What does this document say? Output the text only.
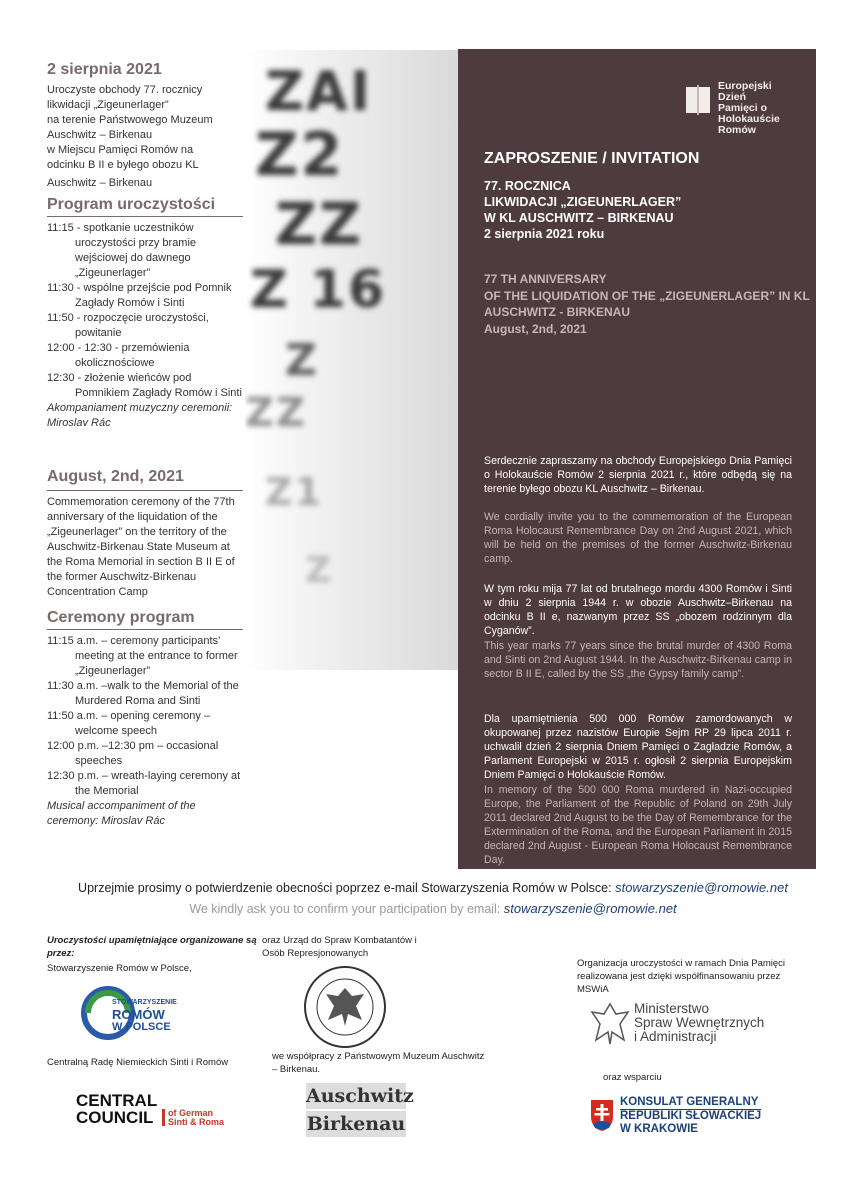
2 sierpnia 2021
Uroczyste obchody 77. rocznicy
likwidacji „Zigeunerlager”
na terenie Państwowego Muzeum
Auschwitz – Birkenau
w Miejscu Pamięci Romów na
odcinku B II e byłego obozu KL
Auschwitz – Birkenau
Program uroczystości

11:15 - spotkanie uczestników uroczystości przy bramie wejściowej do dawnego „Zigeunerlager”

11:30 - wspólne przejście pod Pomnik Zagłady Romów i Sinti

11:50 - rozpoczęcie uroczystości, powitanie

12:00 - 12:30 - przemówienia okolicznościowe

12:30 - złożenie wieńców pod Pomnikiem Zagłady Romów i Sinti

Akompaniament muzyczny ceremonii: Miroslav Rác
August, 2nd, 2021
Commemoration ceremony of the 77th anniversary of the liquidation of the „Zigeunerlager” on the territory of the Auschwitz-Birkenau State Museum at the Roma Memorial in section B II E of the former Auschwitz-Birkenau Concentration Camp
Ceremony program

11:15 a.m. – ceremony participants’ meeting at the entrance to former „Zigeunerlager”

11:30 a.m. –walk to the Memorial of the Murdered Roma and Sinti

11:50 a.m. – opening ceremony – welcome speech

12:00 p.m. –12:30 pm – occasional speeches

12:30 p.m. – wreath-laying ceremony at the Memorial

Musical accompaniment of the ceremony: Miroslav Rác
ZAI
Z2
ZZ
Z 16
Z
ZZ
Z1
Z
Europejski
Dzień
Pamięci o
Holokauście
Romów
ZAPROSZENIE / INVITATION
77. ROCZNICA
LIKWIDACJI „ZIGEUNERLAGER”
W KL AUSCHWITZ – BIRKENAU
2 sierpnia 2021 roku
77 TH ANNIVERSARY
OF THE LIQUIDATION OF THE „ZIGEUNERLAGER” IN KL
AUSCHWITZ - BIRKENAU
August, 2nd, 2021
Serdecznie zapraszamy na obchody Europejskiego Dnia Pamięci o Holokauście Romów 2 sierpnia 2021 r., które odbędą się na terenie byłego obozu KL Auschwitz – Birkenau.
We cordially invite you to the commemoration of the European Roma Holocaust Remembrance Day on 2nd August 2021, which will be held on the premises of the former Auschwitz-Birkenau camp.
W tym roku mija 77 lat od brutalnego mordu 4300 Romów i Sinti w dniu 2 sierpnia 1944 r. w obozie Auschwitz–Birkenau na odcinku B II e, nazwanym przez SS „obozem rodzinnym dla Cyganów”.
This year marks 77 years since the brutal murder of 4300 Roma and Sinti on 2nd August 1944. In the Auschwitz-Birkenau camp in sector B II E, called by the SS „the Gypsy family camp”.
Dla upamiętnienia 500 000 Romów zamordowanych w okupowanej przez nazistów Europie Sejm RP 29 lipca 2011 r. uchwalił dzień 2 sierpnia Dniem Pamięci o Zagładzie Romów, a Parlament Europejski w 2015 r. ogłosił 2 sierpnia Europejskim Dniem Pamięci o Holokauście Romów.
In memory of the 500 000 Roma murdered in Nazi-occupied Europe, the Parliament of the Republic of Poland on 29th July 2011 declared 2nd August to be the Day of Remembrance for the Extermination of the Roma, and the European Parliament in 2015 declared 2nd August - European Roma Holocaust Remembrance Day.
Uprzejmie prosimy o potwierdzenie obecności poprzez e-mail Stowarzyszenia Romów w Polsce: stowarzyszenie@romowie.net
We kindly ask you to confirm your participation by email: stowarzyszenie@romowie.net
Uroczystości upamiętniające organizowane są przez:
Stowarzyszenie Romów w Polsce,
STOWARZYSZENIE
ROMÓW
W POLSCE
Centralną Radę Niemieckich Sinti i Romów
CENTRAL
COUNCIL	of German
Sinti & Roma
oraz Urząd do Spraw Kombatantów i Osób Represjonowanych
we współpracy z Państwowym Muzeum Auschwitz – Birkenau.
Auschwitz
Birkenau
Organizacja uroczystości w ramach Dnia Pamięci realizowana jest dzięki współfinansowaniu przez MSWiA
Ministerstwo
Spraw Wewnętrznych
i Administracji
oraz wsparciu
KONSULAT GENERALNY
REPUBLIKI SŁOWACKIEJ
W KRAKOWIE
